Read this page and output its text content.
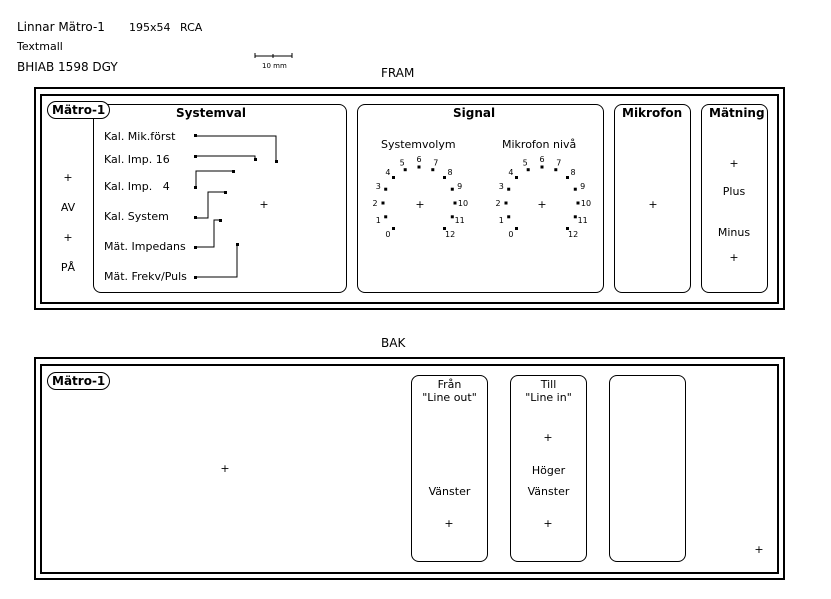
Linnar Mätro-1 195x54 RCA
Textmall
BHIAB 1598 DGY	10 mm	FRAM
BAK
Mätro-1
+
AV
+
PÅ
Systemval
Kal. Mik.först
Kal. Imp. 16
Kal. Imp.   4
Kal. System
Mät. Impedans
Mät. Frekv/Puls
+
Signal
Systemvolym	Mikrofon nivå
+	+
0
1
2
3
4
5 6 7
8
9
10
11
12	0
1
2
3
4
5 6 7
8
9
10
11
12
Mikrofon
+
Mätning
+
Plus
Minus
+
Mätro-1
+
+
Från
"Line out"
Vänster
+
Till
"Line in"
+
Höger
Vänster
+
